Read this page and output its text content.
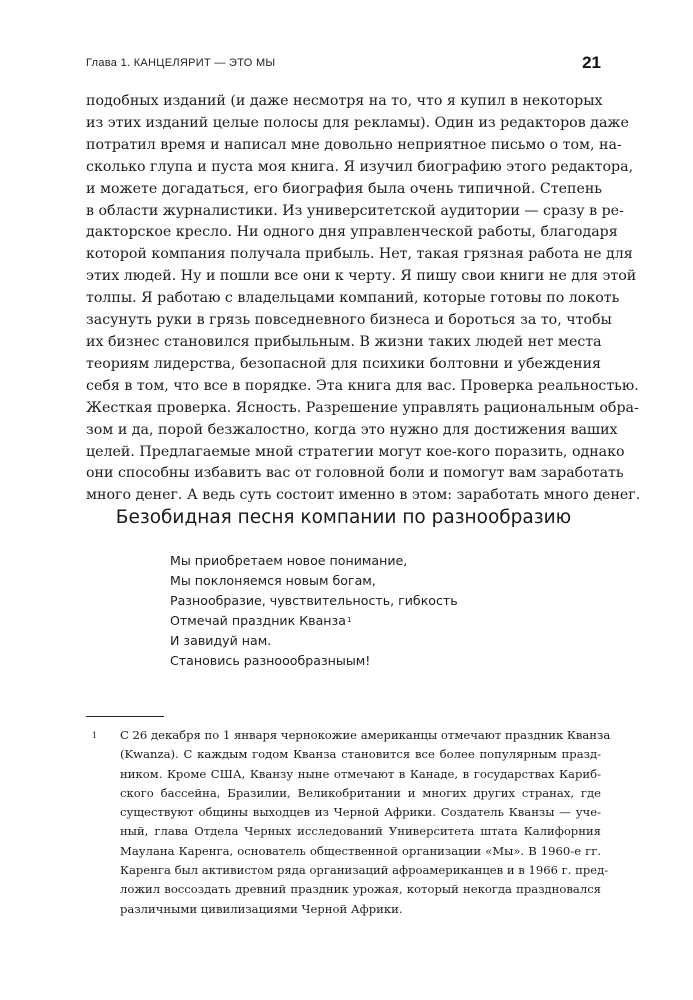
Глава 1. КАНЦЕЛЯРИТ — ЭТО МЫ	21
подобных изданий (и даже несмотря на то, что я купил в некоторых
из этих изданий целые полосы для рекламы). Один из редакторов даже
потратил время и написал мне довольно неприятное письмо о том, на-
сколько глупа и пуста моя книга. Я изучил биографию этого редактора,
и можете догадаться, его биография была очень типичной. Степень
в области журналистики. Из университетской аудитории — сразу в ре-
дакторское кресло. Ни одного дня управленческой работы, благодаря
которой компания получала прибыль. Нет, такая грязная работа не для
этих людей. Ну и пошли все они к черту. Я пишу свои книги не для этой
толпы. Я работаю с владельцами компаний, которые готовы по локоть
засунуть руки в грязь повседневного бизнеса и бороться за то, чтобы
их бизнес становился прибыльным. В жизни таких людей нет места
теориям лидерства, безопасной для психики болтовни и убеждения
себя в том, что все в порядке. Эта книга для вас. Проверка реальностью.
Жесткая проверка. Ясность. Разрешение управлять рациональным обра-
зом и да, порой безжалостно, когда это нужно для достижения ваших
целей. Предлагаемые мной стратегии могут кое-кого поразить, однако
они способны избавить вас от головной боли и помогут вам заработать
много денег. А ведь суть состоит именно в этом: заработать много денег.
Безобидная песня компании по разнообразию
Мы приобретаем новое понимание,
Мы поклоняемся новым богам,
Разнообразие, чувствительность, гибкость
Отмечай праздник Кванза$^1$
И завидуй нам.
Становись разноообразныым!
1 С 26 декабря по 1 января чернокожие американцы отмечают праздник Кванза
(Kwanza). С каждым годом Кванза становится все более популярным празд-
ником. Кроме США, Кванзу ныне отмечают в Канаде, в государствах Кариб-
ского бассейна, Бразилии, Великобритании и многих других странах, где
существуют общины выходцев из Черной Африки. Создатель Кванзы — уче-
ный, глава Отдела Черных исследований Университета штата Калифорния
Маулана Каренга, основатель общественной организации «Мы». В 1960-е гг.
Каренга был активистом ряда организаций афроамериканцев и в 1966 г. пред-
ложил воссоздать древний праздник урожая, который некогда праздновался
различными цивилизациями Черной Африки.
